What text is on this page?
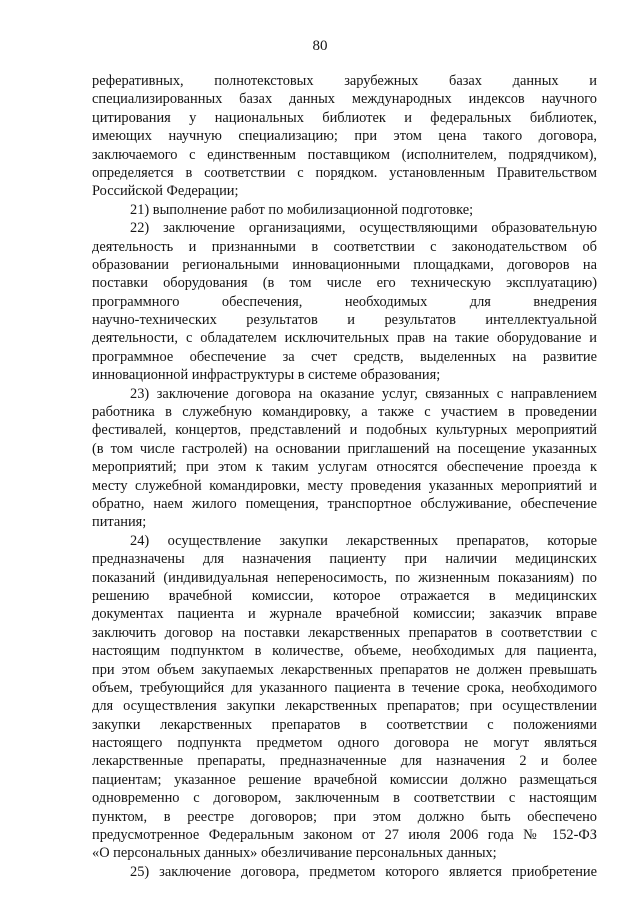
80
реферативных, полнотекстовых зарубежных базах данных и
специализированных базах данных международных индексов научного
цитирования у национальных библиотек и федеральных библиотек,
имеющих научную специализацию; при этом цена такого договора,
заключаемого с единственным поставщиком (исполнителем, подрядчиком),
определяется в соответствии с порядком. установленным Правительством
Российской Федерации;
21) выполнение работ по мобилизационной подготовке;
22) заключение организациями, осуществляющими образовательную
деятельность и признанными в соответствии с законодательством об
образовании региональными инновационными площадками, договоров на
поставки оборудования (в том числе его техническую эксплуатацию)
программного обеспечения, необходимых для внедрения
научно-технических результатов и результатов интеллектуальной
деятельности, с обладателем исключительных прав на такие оборудование и
программное обеспечение за счет средств, выделенных на развитие
инновационной инфраструктуры в системе образования;
23) заключение договора на оказание услуг, связанных с направлением
работника в служебную командировку, а также с участием в проведении
фестивалей, концертов, представлений и подобных культурных мероприятий
(в том числе гастролей) на основании приглашений на посещение указанных
мероприятий; при этом к таким услугам относятся обеспечение проезда к
месту служебной командировки, месту проведения указанных мероприятий и
обратно, наем жилого помещения, транспортное обслуживание, обеспечение
питания;
24) осуществление закупки лекарственных препаратов, которые
предназначены для назначения пациенту при наличии медицинских
показаний (индивидуальная непереносимость, по жизненным показаниям) по
решению врачебной комиссии, которое отражается в медицинских
документах пациента и журнале врачебной комиссии; заказчик вправе
заключить договор на поставки лекарственных препаратов в соответствии с
настоящим подпунктом в количестве, объеме, необходимых для пациента,
при этом объем закупаемых лекарственных препаратов не должен превышать
объем, требующийся для указанного пациента в течение срока, необходимого
для осуществления закупки лекарственных препаратов; при осуществлении
закупки лекарственных препаратов в соответствии с положениями
настоящего подпункта предметом одного договора не могут являться
лекарственные препараты, предназначенные для назначения 2 и более
пациентам; указанное решение врачебной комиссии должно размещаться
одновременно с договором, заключенным в соответствии с настоящим
пунктом, в реестре договоров; при этом должно быть обеспечено
предусмотренное Федеральным законом от 27 июля 2006 года № 152-ФЗ
«О персональных данных» обезличивание персональных данных;
25) заключение договора, предметом которого является приобретение
